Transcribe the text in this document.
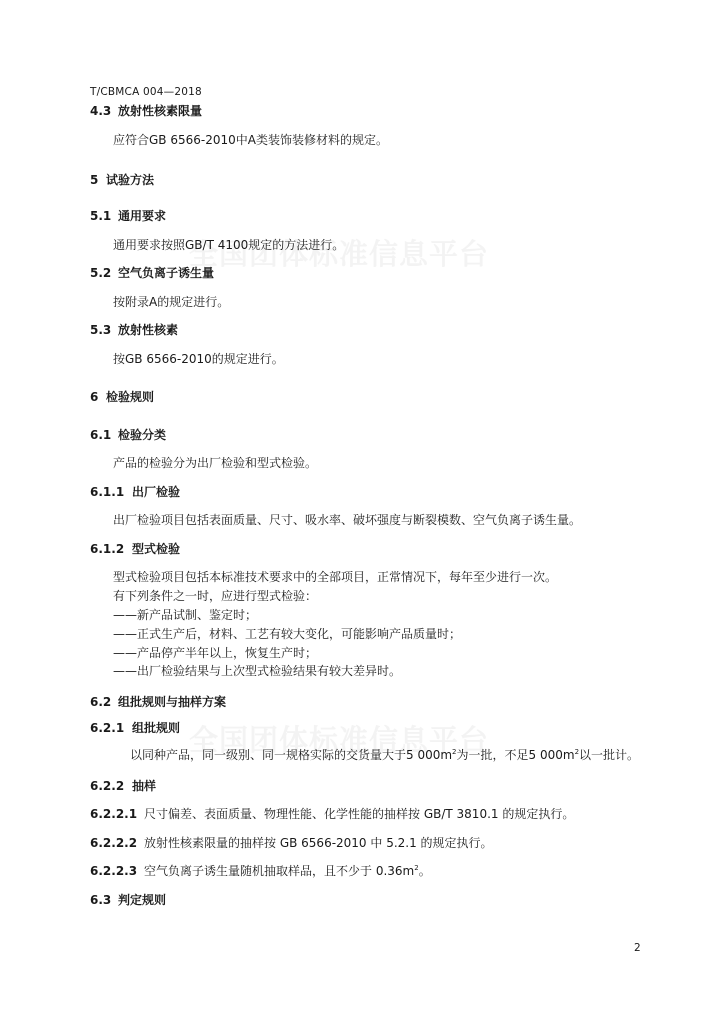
T/CBMCA 004—2018
4.3 放射性核素限量
应符合GB 6566-2010中A类装饰装修材料的规定。
5 试验方法
5.1 通用要求
通用要求按照GB/T 4100规定的方法进行。
5.2 空气负离子诱生量
按附录A的规定进行。
5.3 放射性核素
按GB 6566-2010的规定进行。
6 检验规则
6.1 检验分类
产品的检验分为出厂检验和型式检验。
6.1.1 出厂检验
出厂检验项目包括表面质量、尺寸、吸水率、破坏强度与断裂模数、空气负离子诱生量。
6.1.2 型式检验
型式检验项目包括本标准技术要求中的全部项目，正常情况下，每年至少进行一次。
有下列条件之一时，应进行型式检验：
——新产品试制、鉴定时；
——正式生产后，材料、工艺有较大变化，可能影响产品质量时；
——产品停产半年以上，恢复生产时；
——出厂检验结果与上次型式检验结果有较大差异时。
6.2 组批规则与抽样方案
6.2.1 组批规则
以同种产品，同一级别、同一规格实际的交货量大于5 $000m^2$为一批，不足5 $000m^2$以一批计。
6.2.2 抽样
6.2.2.1 尺寸偏差、表面质量、物理性能、化学性能的抽样按 GB/T 3810.1 的规定执行。
6.2.2.2 放射性核素限量的抽样按 GB 6566-2010 中 5.2.1 的规定执行。
6.2.2.3 空气负离子诱生量随机抽取样品，且不少于 $0.36m^2$。
6.3 判定规则
2
